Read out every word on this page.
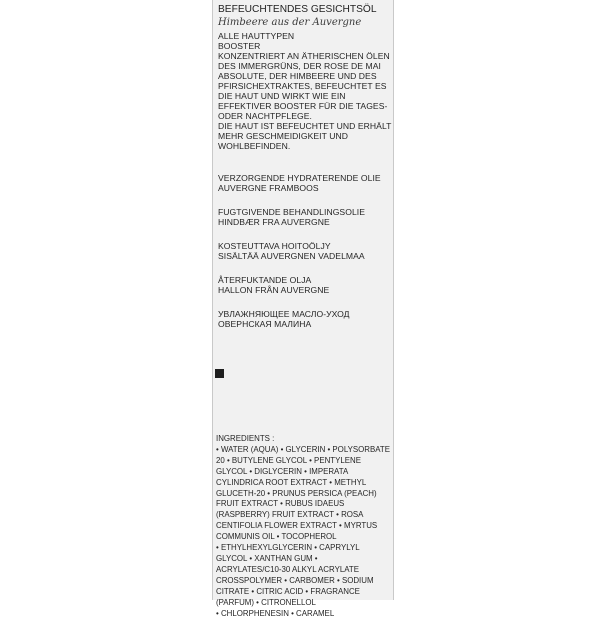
BEFEUCHTENDES GESICHTSÖL
Himbeere aus der Auvergne
ALLE HAUTTYPEN
BOOSTER
KONZENTRIERT AN ÄTHERISCHEN ÖLEN
DES IMMERGRÜNS, DER ROSE DE MAI
ABSOLUTE, DER HIMBEERE UND DES
PFIRSICHEXTRAKTES, BEFEUCHTET ES
DIE HAUT UND WIRKT WIE EIN
EFFEKTIVER BOOSTER FÜR DIE TAGES-
ODER NACHTPFLEGE.
DIE HAUT IST BEFEUCHTET UND ERHÄLT
MEHR GESCHMEIDIGKEIT UND
WOHLBEFINDEN.
VERZORGENDE HYDRATERENDE OLIE
AUVERGNE FRAMBOOS
FUGTGIVENDE BEHANDLINGSOLIE
HINDBÆR FRA AUVERGNE
KOSTEUTTAVA HOITOÖLJY
SISÄLTÄÄ AUVERGNEN VADELMAA
ÅTERFUKTANDE OLJA
HALLON FRÅN AUVERGNE
УВЛАЖНЯЮЩЕЕ МАСЛО-УХОД
ОВЕРНСКАЯ МАЛИНА
INGREDIENTS :
• WATER (AQUA) • GLYCERIN • POLYSORBATE
20 • BUTYLENE GLYCOL • PENTYLENE
GLYCOL • DIGLYCERIN • IMPERATA
CYLINDRICA ROOT EXTRACT • METHYL
GLUCETH-20 • PRUNUS PERSICA (PEACH)
FRUIT EXTRACT • RUBUS IDAEUS
(RASPBERRY) FRUIT EXTRACT • ROSA
CENTIFOLIA FLOWER EXTRACT • MYRTUS
COMMUNIS OIL • TOCOPHEROL
• ETHYLHEXYLGLYCERIN • CAPRYLYL
GLYCOL • XANTHAN GUM •
ACRYLATES/C10-30 ALKYL ACRYLATE
CROSSPOLYMER • CARBOMER • SODIUM
CITRATE • CITRIC ACID • FRAGRANCE
(PARFUM) • CITRONELLOL
• CHLORPHENESIN • CARAMEL
